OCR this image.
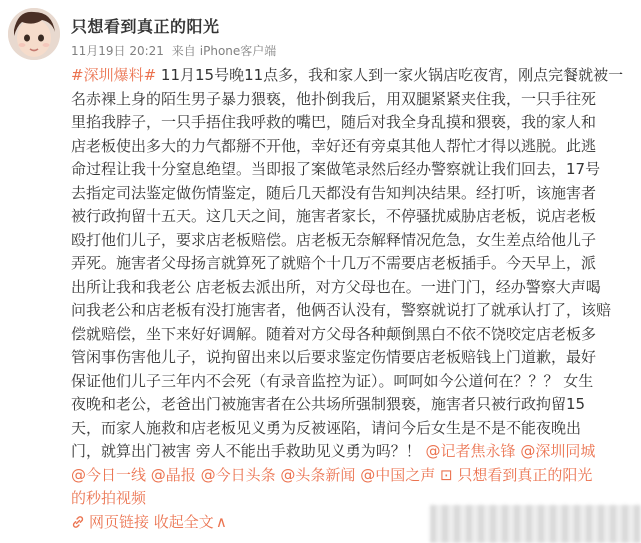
只想看到真正的阳光
11月19日 20:21 来自 iPhone客户端
#深圳爆料# 11月15号晚11点多，我和家人到一家火锅店吃夜宵，刚点完餐就被一
名赤裸上身的陌生男子暴力猥亵，他扑倒我后，用双腿紧紧夹住我，一只手往死
里掐我脖子，一只手捂住我呼救的嘴巴，随后对我全身乱摸和猥亵，我的家人和
店老板使出多大的力气都掰不开他，幸好还有旁桌其他人帮忙才得以逃脱。此逃
命过程让我十分窒息绝望。当即报了案做笔录然后经办警察就让我们回去，17号
去指定司法鉴定做伤情鉴定，随后几天都没有告知判决结果。经打听，该施害者
被行政拘留十五天。这几天之间，施害者家长，不停骚扰威胁店老板，说店老板
殴打他们儿子，要求店老板赔偿。店老板无奈解释情况危急，女生差点给他儿子
弄死。施害者父母扬言就算死了就赔个十几万不需要店老板插手。今天早上，派
出所让我和我老公 店老板去派出所，对方父母也在。一进门门，经办警察大声喝
问我老公和店老板有没打施害者，他俩否认没有，警察就说打了就承认打了，该赔
偿就赔偿，坐下来好好调解。随着对方父母各种颠倒黑白不依不饶咬定店老板多
管闲事伤害他儿子，说拘留出来以后要求鉴定伤情要店老板赔钱上门道歉，最好
保证他们儿子三年内不会死（有录音监控为证）。呵呵如今公道何在？？？ 女生
夜晚和老公，老爸出门被施害者在公共场所强制猥亵，施害者只被行政拘留15
天，而家人施救和店老板见义勇为反被诬陷，请问今后女生是不是不能夜晚出
门，就算出门被害 旁人不能出手救助见义勇为吗？！ @记者焦永锋 @深圳同城
@今日一线 @晶报 @今日头条 @头条新闻 @中国之声 ⊡ 只想看到真正的阳光
的秒拍视频
网页链接 收起全文 ∧
